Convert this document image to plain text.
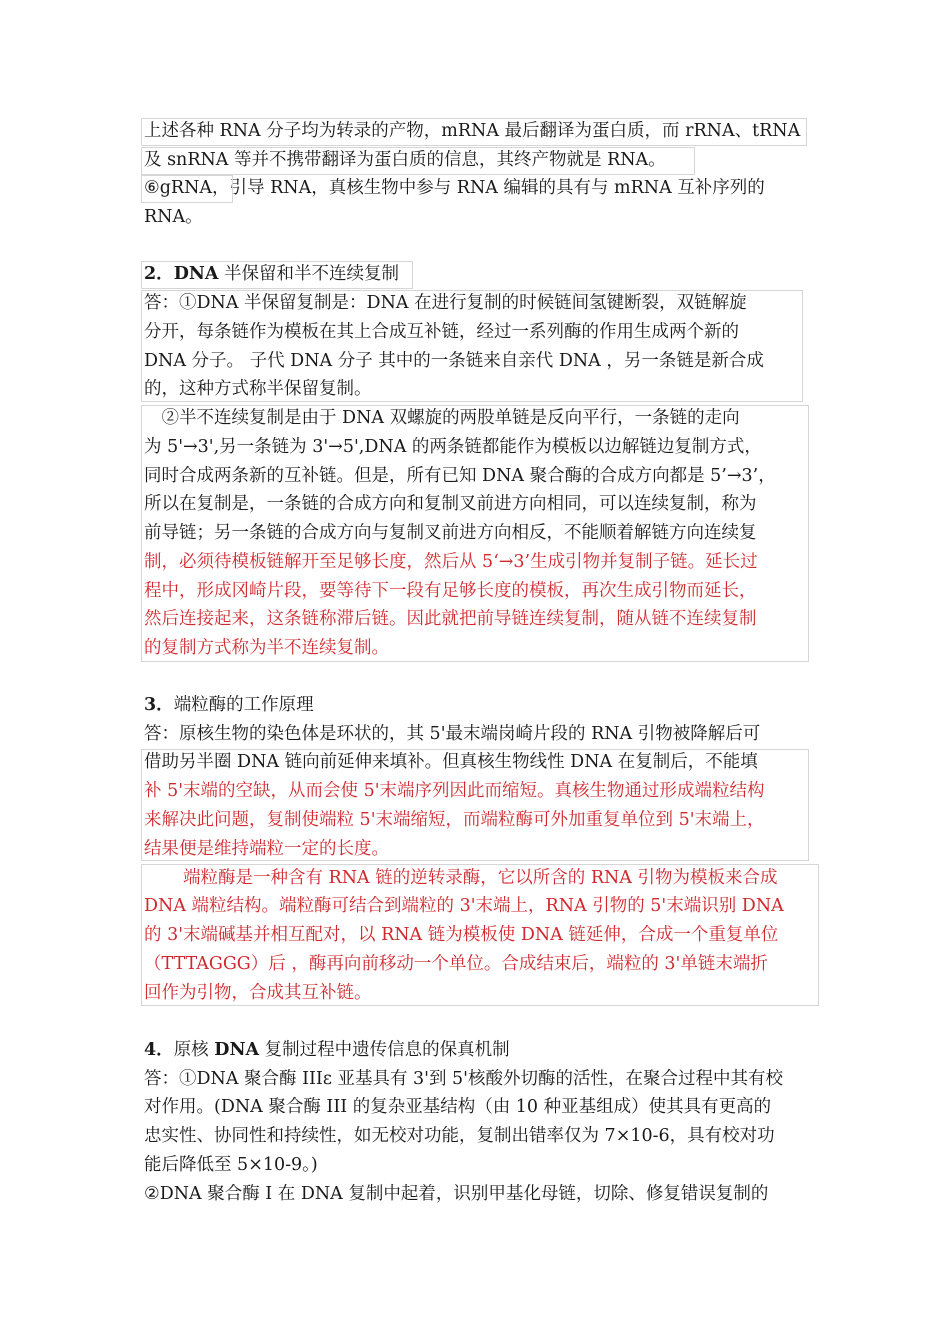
上述各种 RNA 分子均为转录的产物，mRNA 最后翻译为蛋白质，而 rRNA、tRNA
及 snRNA 等并不携带翻译为蛋白质的信息，其终产物就是 RNA。
⑥gRNA，引导 RNA，真核生物中参与 RNA 编辑的具有与 mRNA 互补序列的
RNA。
2．DNA 半保留和半不连续复制
答：①DNA 半保留复制是：DNA 在进行复制的时候链间氢键断裂，双链解旋
分开，每条链作为模板在其上合成互补链，经过一系列酶的作用生成两个新的
DNA 分子。 子代 DNA 分子 其中的一条链来自亲代 DNA ，另一条链是新合成
的，这种方式称半保留复制。
　②半不连续复制是由于 DNA 双螺旋的两股单链是反向平行，一条链的走向
为 5'→3',另一条链为 3'→5',DNA 的两条链都能作为模板以边解链边复制方式，
同时合成两条新的互补链。但是，所有已知 DNA 聚合酶的合成方向都是 5’→3’，
所以在复制是，一条链的合成方向和复制叉前进方向相同，可以连续复制，称为
前导链；另一条链的合成方向与复制叉前进方向相反，不能顺着解链方向连续复
制，必须待模板链解开至足够长度，然后从 5‘→3’生成引物并复制子链。延长过
程中，形成冈崎片段，要等待下一段有足够长度的模板，再次生成引物而延长，
然后连接起来，这条链称滞后链。因此就把前导链连续复制，随从链不连续复制
的复制方式称为半不连续复制。
3．端粒酶的工作原理
答：原核生物的染色体是环状的，其 5'最末端岗崎片段的 RNA 引物被降解后可
借助另半圈 DNA 链向前延伸来填补。但真核生物线性 DNA 在复制后，不能填
补 5'末端的空缺，从而会使 5'末端序列因此而缩短。真核生物通过形成端粒结构
来解决此问题，复制使端粒 5'末端缩短，而端粒酶可外加重复单位到 5'末端上，
结果便是维持端粒一定的长度。
端粒酶是一种含有 RNA 链的逆转录酶，它以所含的 RNA 引物为模板来合成
DNA 端粒结构。端粒酶可结合到端粒的 3'末端上，RNA 引物的 5'末端识别 DNA
的 3'末端碱基并相互配对，以 RNA 链为模板使 DNA 链延伸，合成一个重复单位
（TTTAGGG）后 ，酶再向前移动一个单位。合成结束后，端粒的 3'单链末端折
回作为引物，合成其互补链。
4．原核 DNA 复制过程中遗传信息的保真机制
答：①DNA 聚合酶 IIIε 亚基具有 3'到 5'核酸外切酶的活性，在聚合过程中其有校
对作用。(DNA 聚合酶 III 的复杂亚基结构（由 10 种亚基组成）使其具有更高的
忠实性、协同性和持续性，如无校对功能，复制出错率仅为 7×10-6，具有校对功
能后降低至 5×10-9。)
②DNA 聚合酶 I 在 DNA 复制中起着，识别甲基化母链，切除、修复错误复制的
